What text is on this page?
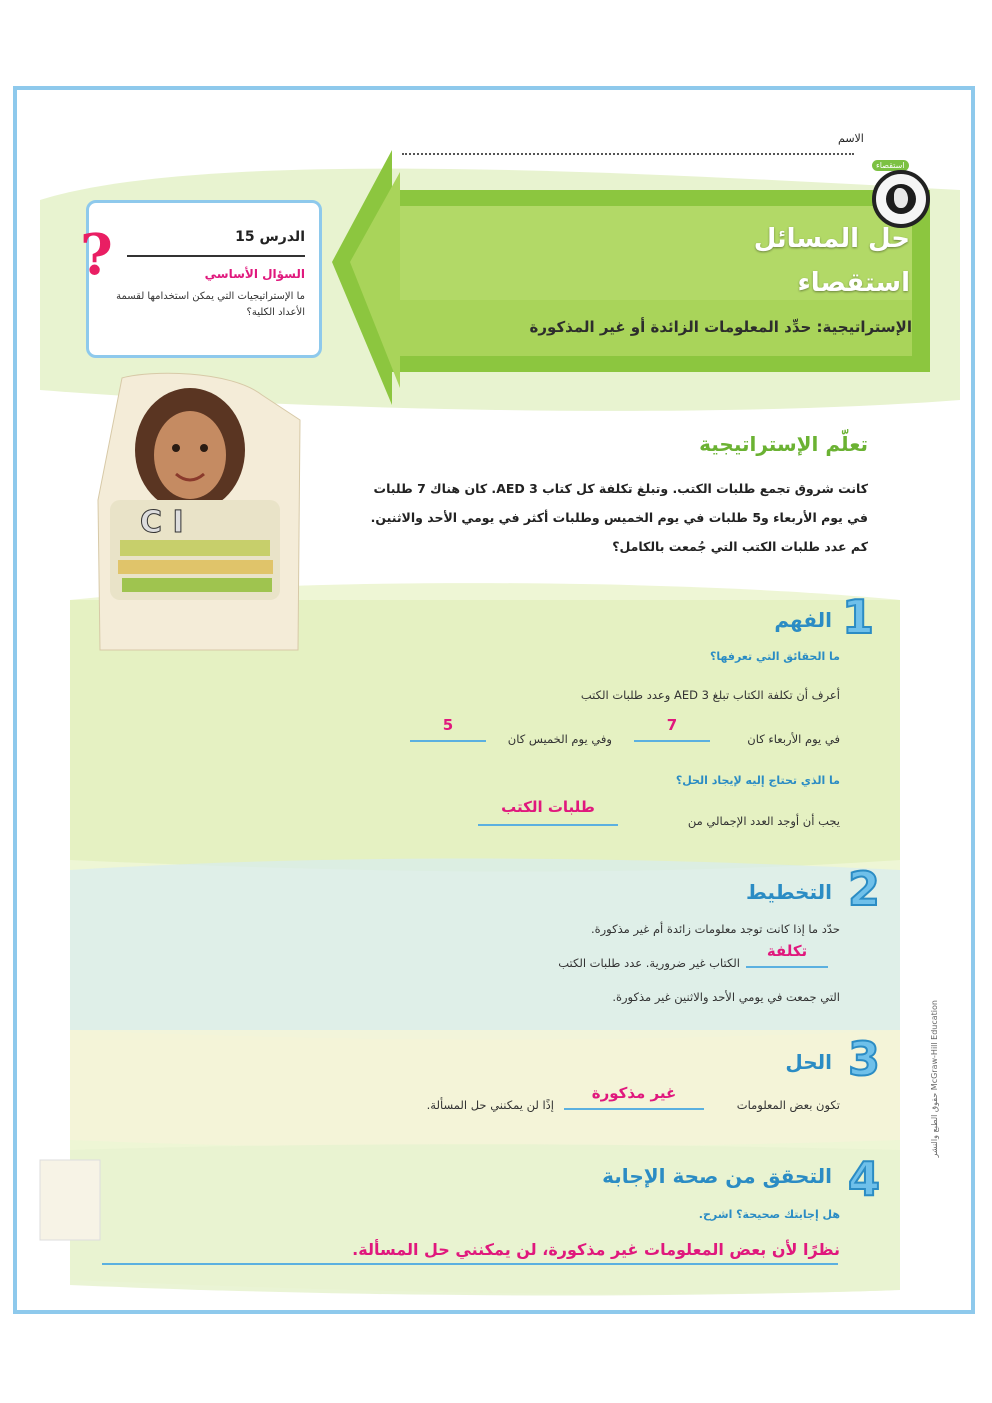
C I
الاسم
استقصاء
حل المسائل
استقصاء
الإستراتيجية: حدِّد المعلومات الزائدة أو غير المذكورة
الدرس 15
السؤال الأساسي
ما الإستراتيجيات التي يمكن استخدامها لقسمة الأعداد الكلية؟
?
تعلّم الإستراتيجية
كانت شروق تجمع طلبات الكتب. وتبلغ تكلفة كل كتاب AED 3. كان هناك 7 طلبات
في يوم الأربعاء و5 طلبات في يوم الخميس وطلبات أكثر في يومي الأحد والاثنين.
كم عدد طلبات الكتب التي جُمعت بالكامل؟
1
الفهم
ما الحقائق التي تعرفها؟
أعرف أن تكلفة الكتاب تبلغ AED 3 وعدد طلبات الكتب
في يوم الأربعاء كان
7
وفي يوم الخميس كان
5
ما الذي تحتاج إليه لإيجاد الحل؟
يجب أن أوجد العدد الإجمالي من
طلبات الكتب
2
التخطيط
حدّد ما إذا كانت توجد معلومات زائدة أم غير مذكورة.
تكلفة
الكتاب غير ضرورية. عدد طلبات الكتب
التي جمعت في يومي الأحد والاثنين غير مذكورة.
3
الحل
تكون بعض المعلومات
غير مذكورة
إذًا لن يمكنني حل المسألة.
4
التحقق من صحة الإجابة
هل إجابتك صحيحة؟ اشرح.
نظرًا لأن بعض المعلومات غير مذكورة، لن يمكنني حل المسألة.
McGraw-Hill Education حقوق الطبع والنشر
